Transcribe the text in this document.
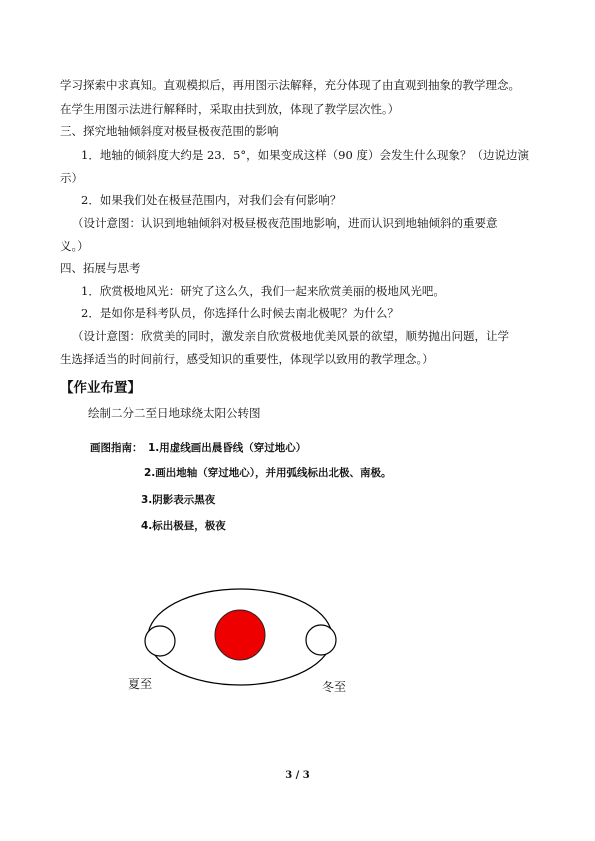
学习探索中求真知。直观模拟后，再用图示法解释，充分体现了由直观到抽象的教学理念。
在学生用图示法进行解释时，采取由扶到放，体现了教学层次性。）
三、探究地轴倾斜度对极昼极夜范围的影响
1．地轴的倾斜度大约是 23．5°，如果变成这样（90 度）会发生什么现象？（边说边演
示）
2．如果我们处在极昼范围内，对我们会有何影响？
（设计意图：认识到地轴倾斜对极昼极夜范围地影响，进而认识到地轴倾斜的重要意
义。）
四、拓展与思考
1．欣赏极地风光：研究了这么久，我们一起来欣赏美丽的极地风光吧。
2．是如你是科考队员，你选择什么时候去南北极呢？为什么？
（设计意图：欣赏美的同时，激发亲自欣赏极地优美风景的欲望，顺势抛出问题，让学
生选择适当的时间前行，感受知识的重要性，体现学以致用的教学理念。）
【作业布置】
绘制二分二至日地球绕太阳公转图
画图指南： 1.用虚线画出晨昏线（穿过地心）
2.画出地轴（穿过地心），并用弧线标出北极、南极。
3.阴影表示黑夜
4.标出极昼，极夜
夏至	冬至
3 / 3
